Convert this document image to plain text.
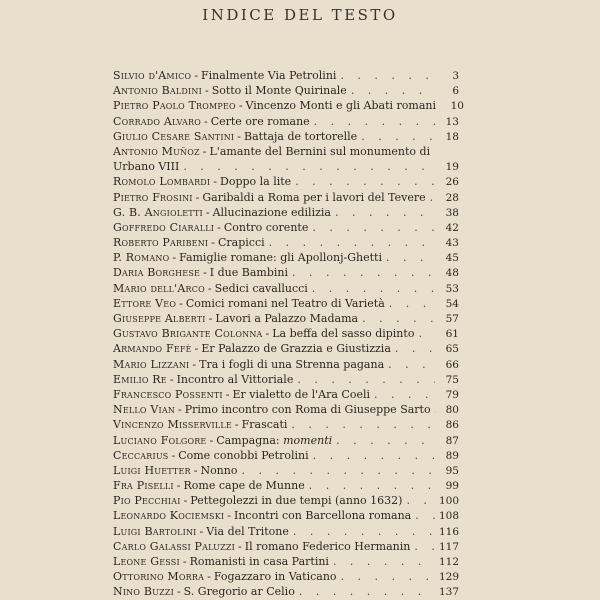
INDICE DEL TESTO
Silvio d'Amico - Finalmente Via Petrolini . . .	3
Antonio Baldini - Sotto il Monte Quirinale . . .	6
Pietro Paolo Trompeo - Vincenzo Monti e gli Abati romani	10
Corrado Alvaro - Certe ore romane . . .	13
Giulio Cesare Santini - Battaja de tortorelle . . .	18
Antonio Muñoz - L'amante del Bernini sul monumento di
Urbano VIII . . .	19
Romolo Lombardi - Doppo la lite . . .	26
Pietro Frosini - Garibaldi a Roma per i lavori del Tevere . . .	28
G. B. Angioletti - Allucinazione edilizia . . .	38
Goffredo Ciaralli - Contro corente . . .	42
Roberto Paribeni - Crapicci . . .	43
P. Romano - Famiglie romane: gli Apollonj-Ghetti . . .	45
Daria Borghese - I due Bambini . . .	48
Mario dell'Arco - Sedici cavallucci . . .	53
Ettore Veo - Comici romani nel Teatro di Varietà . . .	54
Giuseppe Alberti - Lavori a Palazzo Madama . . .	57
Gustavo Brigante Colonna - La beffa del sasso dipinto . . .	61
Armando Fefè - Er Palazzo de Grazzia e Giustizzia . . .	65
Mario Lizzani - Tra i fogli di una Strenna pagana . . .	66
Emilio Re - Incontro al Vittoriale . . .	75
Francesco Possenti - Er vialetto de l'Ara Coeli . . .	79
Nello Vian - Primo incontro con Roma di Giuseppe Sarto . . .	80
Vincenzo Misserville - Frascati . . .	86
Luciano Folgore - Campagna: momenti . . .	87
Ceccarius - Come conobbi Petrolini . . .	89
Luigi Huetter - Nonno . . .	95
Fra Piselli - Rome cape de Munne . . .	99
Pio Pecchiai - Pettegolezzi in due tempi (anno 1632) . . .	100
Leonardo Kociemski - Incontri con Barcellona romana . . .	108
Luigi Bartolini - Via del Tritone . . .	116
Carlo Galassi Paluzzi - Il romano Federico Hermanin . . .	117
Leone Gessi - Romanisti in casa Partini . . .	112
Ottorino Morra - Fogazzaro in Vaticano . . .	129
Nino Buzzi - S. Gregorio ar Celio . . .	137
